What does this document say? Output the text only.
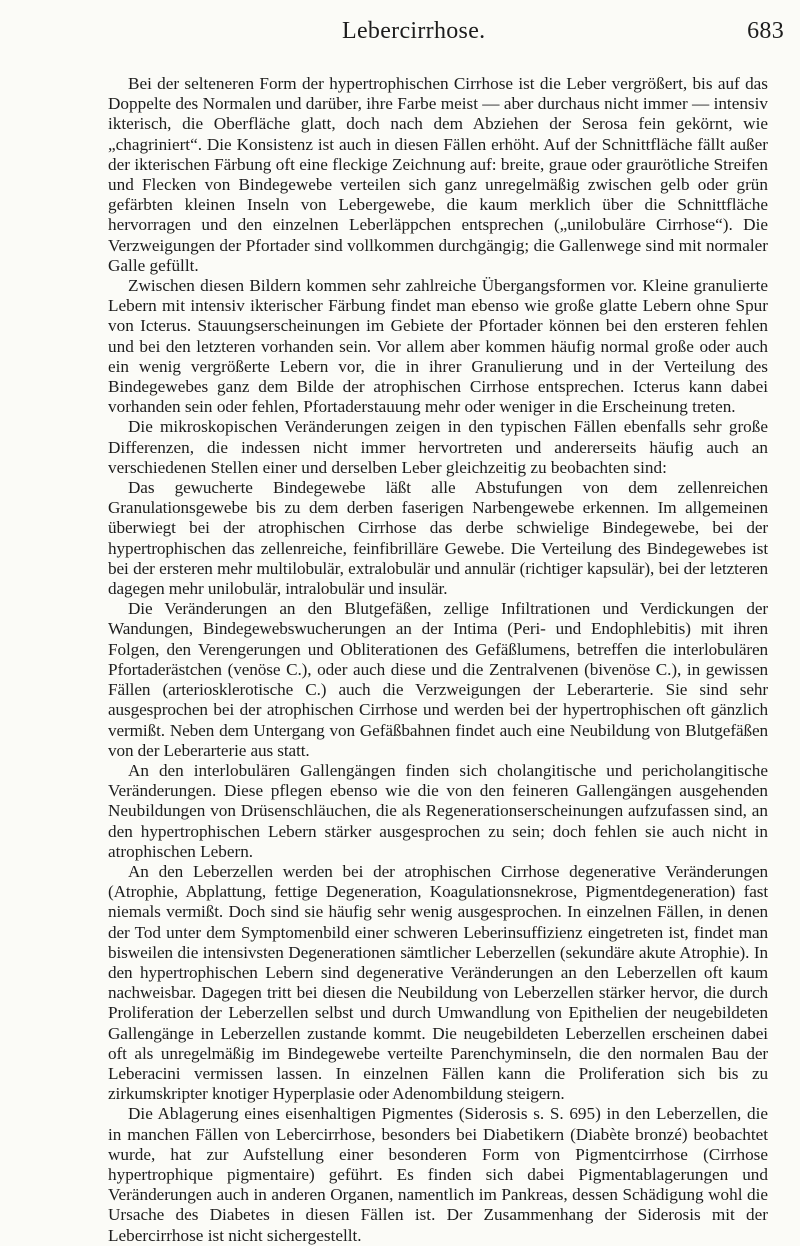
Lebercirrhose.	683

Bei der selteneren Form der hypertrophischen Cirrhose ist die Leber vergrößert, bis auf das Doppelte des Normalen und darüber, ihre Farbe meist — aber durchaus nicht immer — intensiv ikterisch, die Oberfläche glatt, doch nach dem Abziehen der Serosa fein gekörnt, wie „chagriniert“. Die Konsistenz ist auch in diesen Fällen erhöht. Auf der Schnittfläche fällt außer der ikterischen Färbung oft eine fleckige Zeichnung auf: breite, graue oder graurötliche Streifen und Flecken von Bindegewebe verteilen sich ganz unregelmäßig zwischen gelb oder grün gefärbten kleinen Inseln von Lebergewebe, die kaum merklich über die Schnittfläche hervorragen und den einzelnen Leberläppchen entsprechen („unilobuläre Cirrhose“). Die Verzweigungen der Pfortader sind vollkommen durchgängig; die Gallenwege sind mit normaler Galle gefüllt.

Zwischen diesen Bildern kommen sehr zahlreiche Übergangsformen vor. Kleine granulierte Lebern mit intensiv ikterischer Färbung findet man ebenso wie große glatte Lebern ohne Spur von Icterus. Stauungserscheinungen im Gebiete der Pfortader können bei den ersteren fehlen und bei den letzteren vorhanden sein. Vor allem aber kommen häufig normal große oder auch ein wenig vergrößerte Lebern vor, die in ihrer Granulierung und in der Verteilung des Bindegewebes ganz dem Bilde der atrophischen Cirrhose entsprechen. Icterus kann dabei vorhanden sein oder fehlen, Pfortaderstauung mehr oder weniger in die Erscheinung treten.

Die mikroskopischen Veränderungen zeigen in den typischen Fällen ebenfalls sehr große Differenzen, die indessen nicht immer hervortreten und andererseits häufig auch an verschiedenen Stellen einer und derselben Leber gleichzeitig zu beobachten sind:

Das gewucherte Bindegewebe läßt alle Abstufungen von dem zellenreichen Granulationsgewebe bis zu dem derben faserigen Narbengewebe erkennen. Im allgemeinen überwiegt bei der atrophischen Cirrhose das derbe schwielige Bindegewebe, bei der hypertrophischen das zellenreiche, feinfibrilläre Gewebe. Die Verteilung des Bindegewebes ist bei der ersteren mehr multilobulär, extralobulär und annulär (richtiger kapsulär), bei der letzteren dagegen mehr unilobulär, intralobulär und insulär.

Die Veränderungen an den Blutgefäßen, zellige Infiltrationen und Verdickungen der Wandungen, Bindegewebswucherungen an der Intima (Peri- und Endophlebitis) mit ihren Folgen, den Verengerungen und Obliterationen des Gefäßlumens, betreffen die interlobulären Pfortaderästchen (venöse C.), oder auch diese und die Zentralvenen (bivenöse C.), in gewissen Fällen (arteriosklerotische C.) auch die Verzweigungen der Leberarterie. Sie sind sehr ausgesprochen bei der atrophischen Cirrhose und werden bei der hypertrophischen oft gänzlich vermißt. Neben dem Untergang von Gefäßbahnen findet auch eine Neubildung von Blutgefäßen von der Leberarterie aus statt.

An den interlobulären Gallengängen finden sich cholangitische und pericholangitische Veränderungen. Diese pflegen ebenso wie die von den feineren Gallengängen ausgehenden Neubildungen von Drüsenschläuchen, die als Regenerationserscheinungen aufzufassen sind, an den hypertrophischen Lebern stärker ausgesprochen zu sein; doch fehlen sie auch nicht in atrophischen Lebern.

An den Leberzellen werden bei der atrophischen Cirrhose degenerative Veränderungen (Atrophie, Abplattung, fettige Degeneration, Koagulationsnekrose, Pigmentdegeneration) fast niemals vermißt. Doch sind sie häufig sehr wenig ausgesprochen. In einzelnen Fällen, in denen der Tod unter dem Symptomenbild einer schweren Leberinsuffizienz eingetreten ist, findet man bisweilen die intensivsten Degenerationen sämtlicher Leberzellen (sekundäre akute Atrophie). In den hypertrophischen Lebern sind degenerative Veränderungen an den Leberzellen oft kaum nachweisbar. Dagegen tritt bei diesen die Neubildung von Leberzellen stärker hervor, die durch Proliferation der Leberzellen selbst und durch Umwandlung von Epithelien der neugebildeten Gallengänge in Leberzellen zustande kommt. Die neugebildeten Leberzellen erscheinen dabei oft als unregelmäßig im Bindegewebe verteilte Parenchyminseln, die den normalen Bau der Leberacini vermissen lassen. In einzelnen Fällen kann die Proliferation sich bis zu zirkumskripter knotiger Hyperplasie oder Adenombildung steigern.

Die Ablagerung eines eisenhaltigen Pigmentes (Siderosis s. S. 695) in den Leberzellen, die in manchen Fällen von Lebercirrhose, besonders bei Diabetikern (Diabète bronzé) beobachtet wurde, hat zur Aufstellung einer besonderen Form von Pigmentcirrhose (Cirrhose hypertrophique pigmentaire) geführt. Es finden sich dabei Pigmentablagerungen und Veränderungen auch in anderen Organen, namentlich im Pankreas, dessen Schädigung wohl die Ursache des Diabetes in diesen Fällen ist. Der Zusammenhang der Siderosis mit der Lebercirrhose ist nicht sichergestellt.
